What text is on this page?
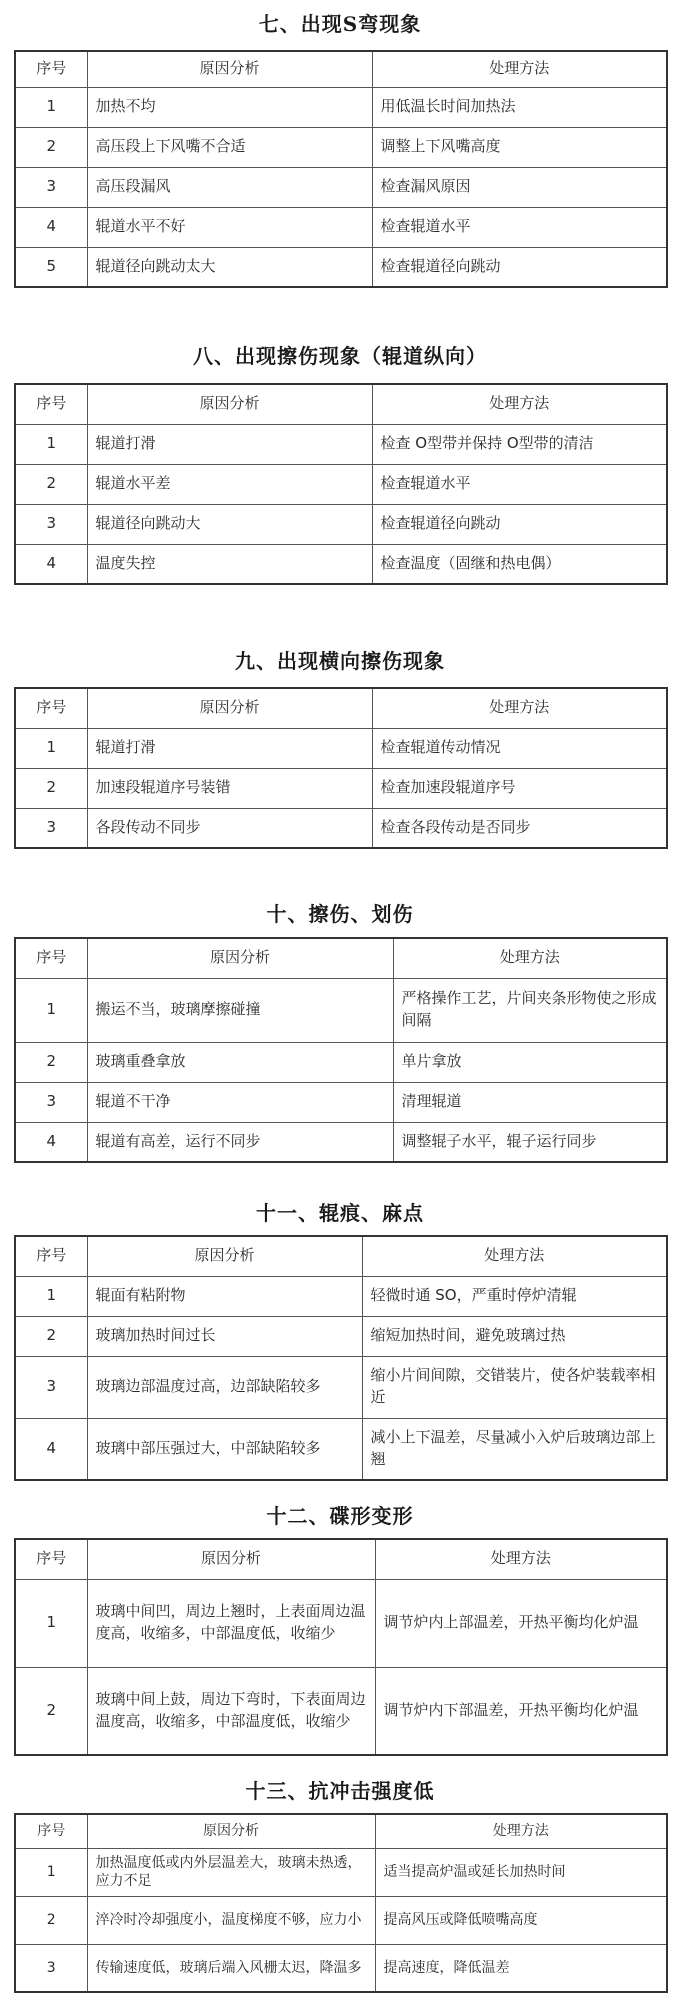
七、出现S弯现象
序号	原因分析	处理方法
1	加热不均	用低温长时间加热法
2	高压段上下风嘴不合适	调整上下风嘴高度
3	高压段漏风	检查漏风原因
4	辊道水平不好	检查辊道水平
5	辊道径向跳动太大	检查辊道径向跳动
八、出现擦伤现象（辊道纵向）
序号	原因分析	处理方法
1	辊道打滑	检查 O型带并保持 O型带的清洁
2	辊道水平差	检查辊道水平
3	辊道径向跳动大	检查辊道径向跳动
4	温度失控	检查温度（固继和热电偶）
九、出现横向擦伤现象
序号	原因分析	处理方法
1	辊道打滑	检查辊道传动情况
2	加速段辊道序号装错	检查加速段辊道序号
3	各段传动不同步	检查各段传动是否同步
十、擦伤、划伤
序号	原因分析	处理方法
1	搬运不当，玻璃摩擦碰撞	严格操作工艺，片间夹条形物使之形成间隔
2	玻璃重叠拿放	单片拿放
3	辊道不干净	清理辊道
4	辊道有高差，运行不同步	调整辊子水平，辊子运行同步
十一、辊痕、麻点
序号	原因分析	处理方法
1	辊面有粘附物	轻微时通 SO，严重时停炉清辊
2	玻璃加热时间过长	缩短加热时间，避免玻璃过热
3	玻璃边部温度过高，边部缺陷较多	缩小片间间隙，交错装片，使各炉装载率相近
4	玻璃中部压强过大，中部缺陷较多	减小上下温差，尽量减小入炉后玻璃边部上翘
十二、碟形变形
序号	原因分析	处理方法
1	玻璃中间凹，周边上翘时，上表面周边温度高，收缩多，中部温度低，收缩少	调节炉内上部温差，开热平衡均化炉温
2	玻璃中间上鼓，周边下弯时，下表面周边温度高，收缩多，中部温度低，收缩少	调节炉内下部温差，开热平衡均化炉温
十三、抗冲击强度低
序号	原因分析	处理方法
1	加热温度低或内外层温差大，玻璃未热透，应力不足	适当提高炉温或延长加热时间
2	淬冷时冷却强度小，温度梯度不够，应力小	提高风压或降低喷嘴高度
3	传输速度低，玻璃后端入风栅太迟，降温多	提高速度，降低温差
